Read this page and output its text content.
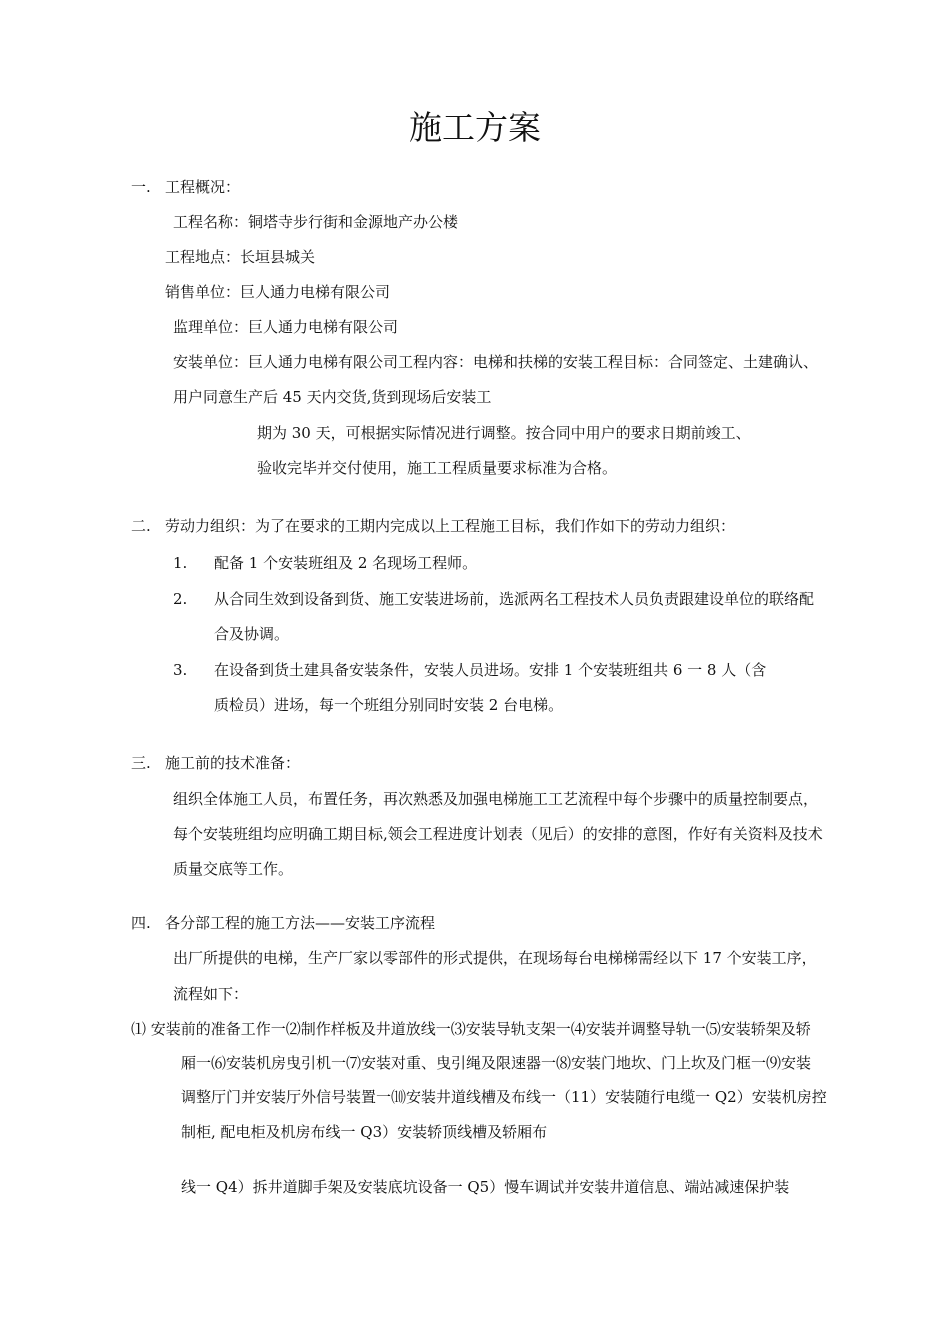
施工方案
一. 工程概况：
工程名称：铜塔寺步行街和金源地产办公楼
工程地点：长垣县城关
销售单位：巨人通力电梯有限公司
监理单位：巨人通力电梯有限公司
安装单位：巨人通力电梯有限公司工程内容：电梯和扶梯的安装工程目标：合同签定、土建确认、
用户同意生产后 45 天内交货,货到现场后安装工
期为 30 天，可根据实际情况进行调整。按合同中用户的要求日期前竣工、
验收完毕并交付使用，施工工程质量要求标准为合格。
二. 劳动力组织：为了在要求的工期内完成以上工程施工目标，我们作如下的劳动力组织：
1. 配备 1 个安装班组及 2 名现场工程师。
2. 从合同生效到设备到货、施工安装进场前，选派两名工程技术人员负责跟建设单位的联络配
合及协调。
3. 在设备到货土建具备安装条件，安装人员进场。安排 1 个安装班组共 6 一 8 人（含
质检员）进场，每一个班组分别同时安装 2 台电梯。
三. 施工前的技术准备：
组织全体施工人员，布置任务，再次熟悉及加强电梯施工工艺流程中每个步骤中的质量控制要点，
每个安装班组均应明确工期目标,领会工程进度计划表（见后）的安排的意图，作好有关资料及技术
质量交底等工作。
四. 各分部工程的施工方法——安装工序流程
出厂所提供的电梯，生产厂家以零部件的形式提供，在现场每台电梯梯需经以下 17 个安装工序，
流程如下：
⑴ 安装前的准备工作一⑵制作样板及井道放线一⑶安装导轨支架一⑷安装并调整导轨一⑸安装轿架及轿
厢一⑹安装机房曳引机一⑺安装对重、曳引绳及限速器一⑻安装门地坎、门上坎及门框一⑼安装
调整厅门并安装厅外信号装置一⑽安装井道线槽及布线一（11）安装随行电缆一 Q2）安装机房控
制柜, 配电柜及机房布线一 Q3）安装轿顶线槽及轿厢布
线一 Q4）拆井道脚手架及安装底坑设备一 Q5）慢车调试并安装井道信息、端站减速保护装
